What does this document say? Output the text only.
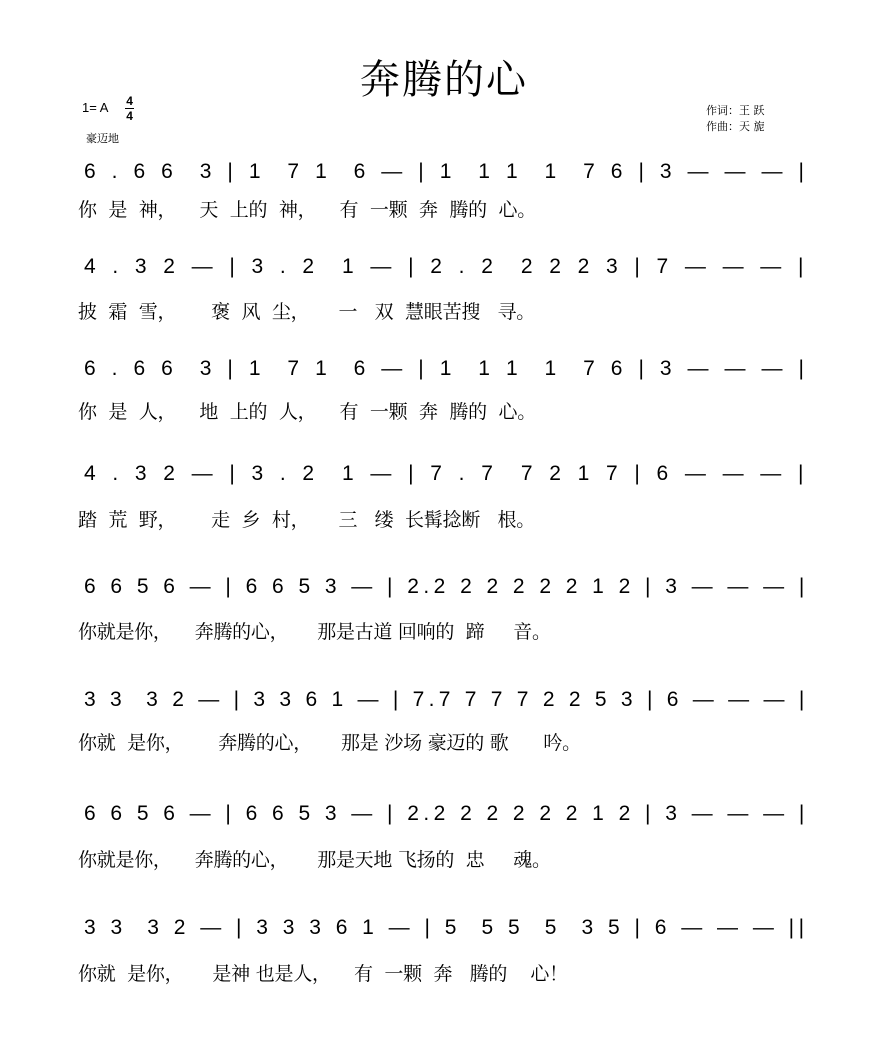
奔腾的心
1= A $\frac{4}{4}$
豪迈地
作词：王 跃
作曲：天 旎
6 . 6 6  3 | 1  7 1  6 — | 1  1 1  1  7 6 | 3 — — — |
你  是  神，    天  上的  神，    有  一颗  奔  腾的  心。
4 . 3 2 — | 3 . 2  1 — | 2 . 2  2 2 2 3 | 7 — — — |
披  霜  雪，      褒  风  尘，     一   双  慧眼苦搜   寻。
6 . 6 6  3 | 1  7 1  6 — | 1  1 1  1  7 6 | 3 — — — |
你  是  人，    地  上的  人，    有  一颗  奔  腾的  心。
4 . 3 2 — | 3 . 2  1 — | 7 . 7  7 2 1 7 | 6 — — — |
踏  荒  野，      走  乡  村，     三   缕  长髯捻断   根。
6 6 5 6 — | 6 6 5 3 — | 2.2 2 2 2 2 2 1 2 | 3 — — — |
你就是你，    奔腾的心，     那是古道 回响的  蹄     音。
3 3  3 2 — | 3 3 6 1 — | 7.7 7 7 7 2 2 5 3 | 6 — — — |
你就  是你，      奔腾的心，     那是 沙场 豪迈的 歌      吟。
6 6 5 6 — | 6 6 5 3 — | 2.2 2 2 2 2 2 1 2 | 3 — — — |
你就是你，    奔腾的心，     那是天地 飞扬的  忠     魂。
3 3  3 2 — | 3 3 3 6 1 — | 5  5 5  5  3 5 | 6 — — — ||
你就  是你，     是神 也是人，    有  一颗  奔   腾的    心！
